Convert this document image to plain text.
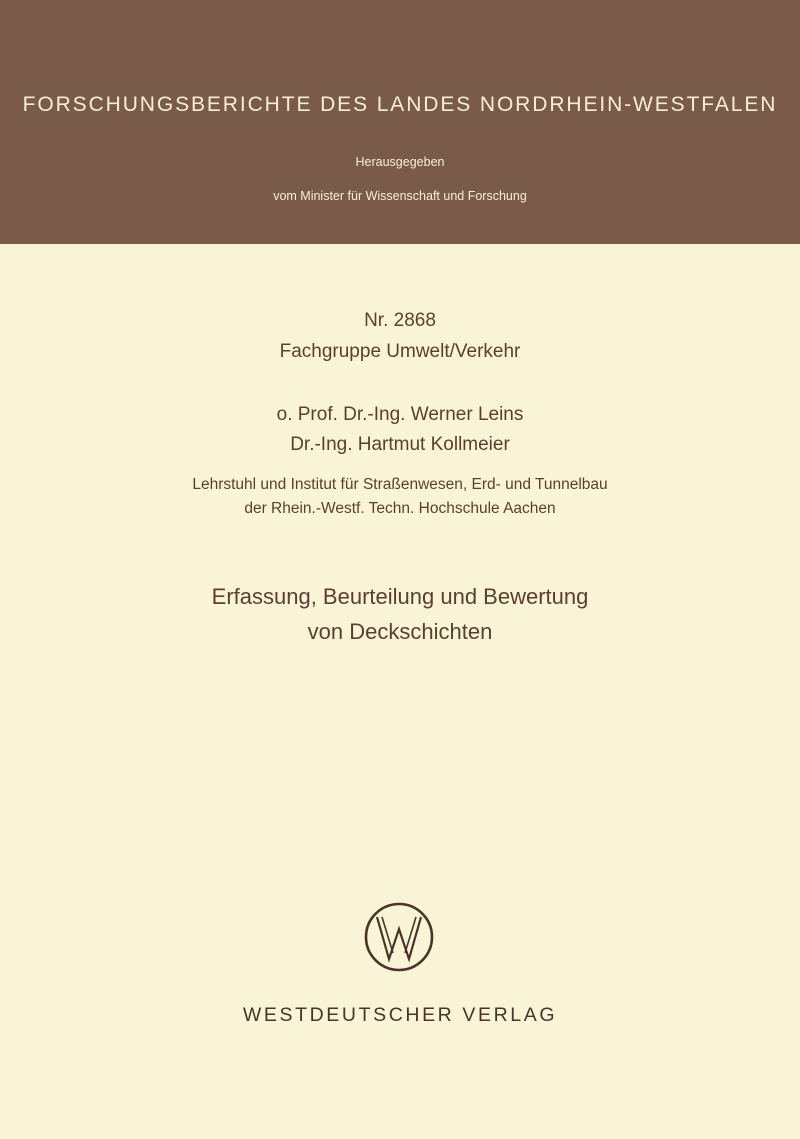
FORSCHUNGSBERICHTE DES LANDES NORDRHEIN-WESTFALEN
Herausgegeben
vom Minister für Wissenschaft und Forschung
Nr. 2868
Fachgruppe Umwelt/Verkehr
o. Prof. Dr.-Ing. Werner Leins
Dr.-Ing. Hartmut Kollmeier
Lehrstuhl und Institut für Straßenwesen, Erd- und Tunnelbau
der Rhein.-Westf. Techn. Hochschule Aachen
Erfassung, Beurteilung und Bewertung
von Deckschichten
WESTDEUTSCHER VERLAG
